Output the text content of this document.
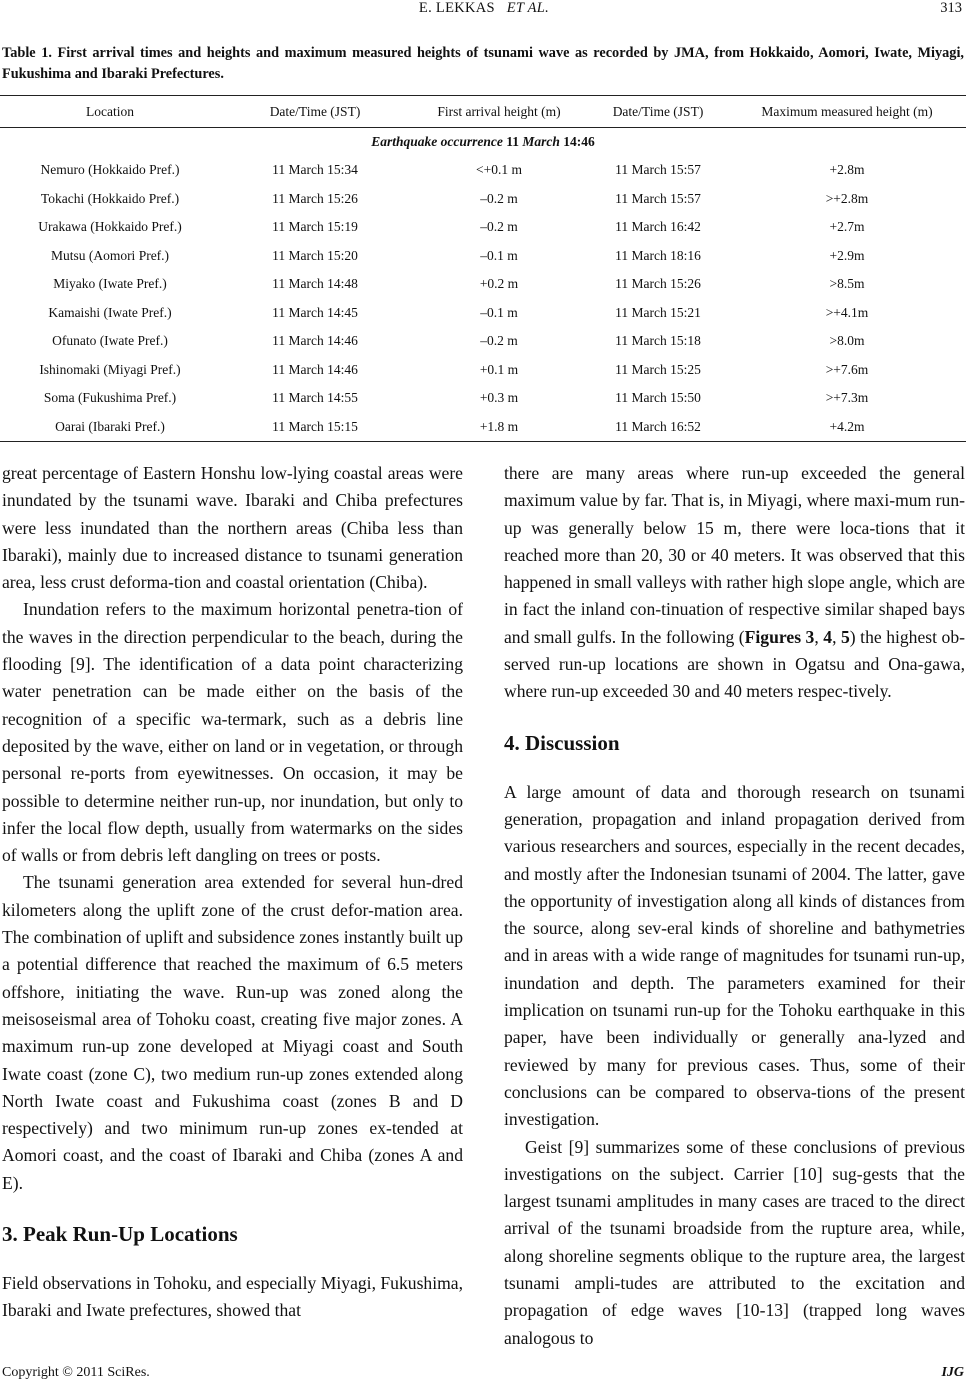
E. LEKKAS ET AL.	313
Table 1. First arrival times and heights and maximum measured heights of tsunami wave as recorded by JMA, from Hokkaido, Aomori, Iwate, Miyagi, Fukushima and Ibaraki Prefectures.
Location	Date/Time (JST)	First arrival height (m)	Date/Time (JST)	Maximum measured height (m)
Earthquake occurrence 11 March 14:46				
Nemuro (Hokkaido Pref.)	11 March 15:34	<+0.1 m	11 March 15:57	+2.8m
Tokachi (Hokkaido Pref.)	11 March 15:26	–0.2 m	11 March 15:57	>+2.8m
Urakawa (Hokkaido Pref.)	11 March 15:19	–0.2 m	11 March 16:42	+2.7m
Mutsu (Aomori Pref.)	11 March 15:20	–0.1 m	11 March 18:16	+2.9m
Miyako (Iwate Pref.)	11 March 14:48	+0.2 m	11 March 15:26	>8.5m
Kamaishi (Iwate Pref.)	11 March 14:45	–0.1 m	11 March 15:21	>+4.1m
Ofunato (Iwate Pref.)	11 March 14:46	–0.2 m	11 March 15:18	>8.0m
Ishinomaki (Miyagi Pref.)	11 March 14:46	+0.1 m	11 March 15:25	>+7.6m
Soma (Fukushima Pref.)	11 March 14:55	+0.3 m	11 March 15:50	>+7.3m
Oarai (Ibaraki Pref.)	11 March 15:15	+1.8 m	11 March 16:52	+4.2m

great percentage of Eastern Honshu low-lying coastal areas were inundated by the tsunami wave. Ibaraki and Chiba prefectures were less inundated than the northern areas (Chiba less than Ibaraki), mainly due to increased distance to tsunami generation area, less crust deforma-tion and coastal orientation (Chiba).

Inundation refers to the maximum horizontal penetra-tion of the waves in the direction perpendicular to the beach, during the flooding [9]. The identification of a data point characterizing water penetration can be made either on the basis of the recognition of a specific wa-termark, such as a debris line deposited by the wave, either on land or in vegetation, or through personal re-ports from eyewitnesses. On occasion, it may be possible to determine neither run-up, nor inundation, but only to infer the local flow depth, usually from watermarks on the sides of walls or from debris left dangling on trees or posts.

The tsunami generation area extended for several hun-dred kilometers along the uplift zone of the crust defor-mation area. The combination of uplift and subsidence zones instantly built up a potential difference that reached the maximum of 6.5 meters offshore, initiating the wave. Run-up was zoned along the meisoseismal area of Tohoku coast, creating five major zones. A maximum run-up zone developed at Miyagi coast and South Iwate coast (zone C), two medium run-up zones extended along North Iwate coast and Fukushima coast (zones B and D respectively) and two minimum run-up zones ex-tended at Aomori coast, and the coast of Ibaraki and Chiba (zones A and E).

3. Peak Run-Up Locations

Field observations in Tohoku, and especially Miyagi, Fukushima, Ibaraki and Iwate prefectures, showed that

there are many areas where run-up exceeded the general maximum value by far. That is, in Miyagi, where maxi-mum run-up was generally below 15 m, there were loca-tions that it reached more than 20, 30 or 40 meters. It was observed that this happened in small valleys with rather high slope angle, which are in fact the inland con-tinuation of respective similar shaped bays and small gulfs. In the following (Figures 3, 4, 5) the highest ob-served run-up locations are shown in Ogatsu and Ona-gawa, where run-up exceeded 30 and 40 meters respec-tively.

4. Discussion

A large amount of data and thorough research on tsunami generation, propagation and inland propagation derived from various researchers and sources, especially in the recent decades, and mostly after the Indonesian tsunami of 2004. The latter, gave the opportunity of investigation along all kinds of distances from the source, along sev-eral kinds of shoreline and bathymetries and in areas with a wide range of magnitudes for tsunami run-up, inundation and depth. The parameters examined for their implication on tsunami run-up for the Tohoku earthquake in this paper, have been individually or generally ana-lyzed and reviewed by many for previous cases. Thus, some of their conclusions can be compared to observa-tions of the present investigation.

Geist [9] summarizes some of these conclusions of previous investigations on the subject. Carrier [10] sug-gests that the largest tsunami amplitudes in many cases are traced to the direct arrival of the tsunami broadside from the rupture area, while, along shoreline segments oblique to the rupture area, the largest tsunami ampli-tudes are attributed to the excitation and propagation of edge waves [10-13] (trapped long waves analogous to

Copyright © 2011 SciRes.	IJG
